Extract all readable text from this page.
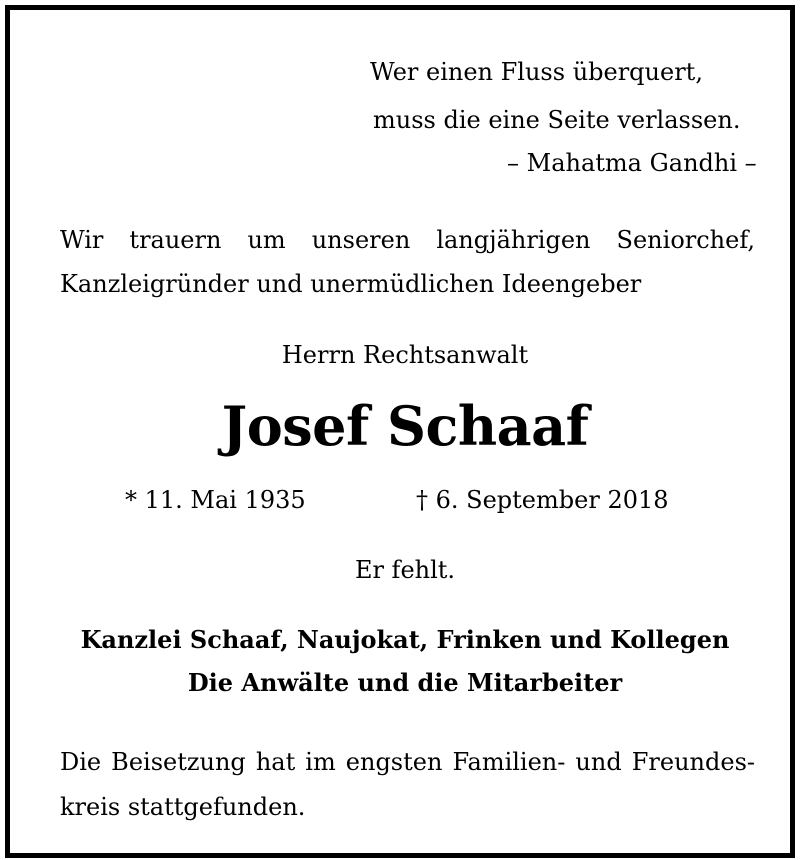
Wer einen Fluss überquert,
muss die eine Seite verlassen.
– Mahatma Gandhi –
Wir trauern um unseren langjährigen Seniorchef,
Kanzleigründer und unermüdlichen Ideengeber
Herrn Rechtsanwalt
Josef Schaaf
* 11. Mai 1935	† 6. September 2018
Er fehlt.
Kanzlei Schaaf, Naujokat, Frinken und Kollegen
Die Anwälte und die Mitarbeiter
Die Beisetzung hat im engsten Familien- und Freundes-
kreis stattgefunden.
